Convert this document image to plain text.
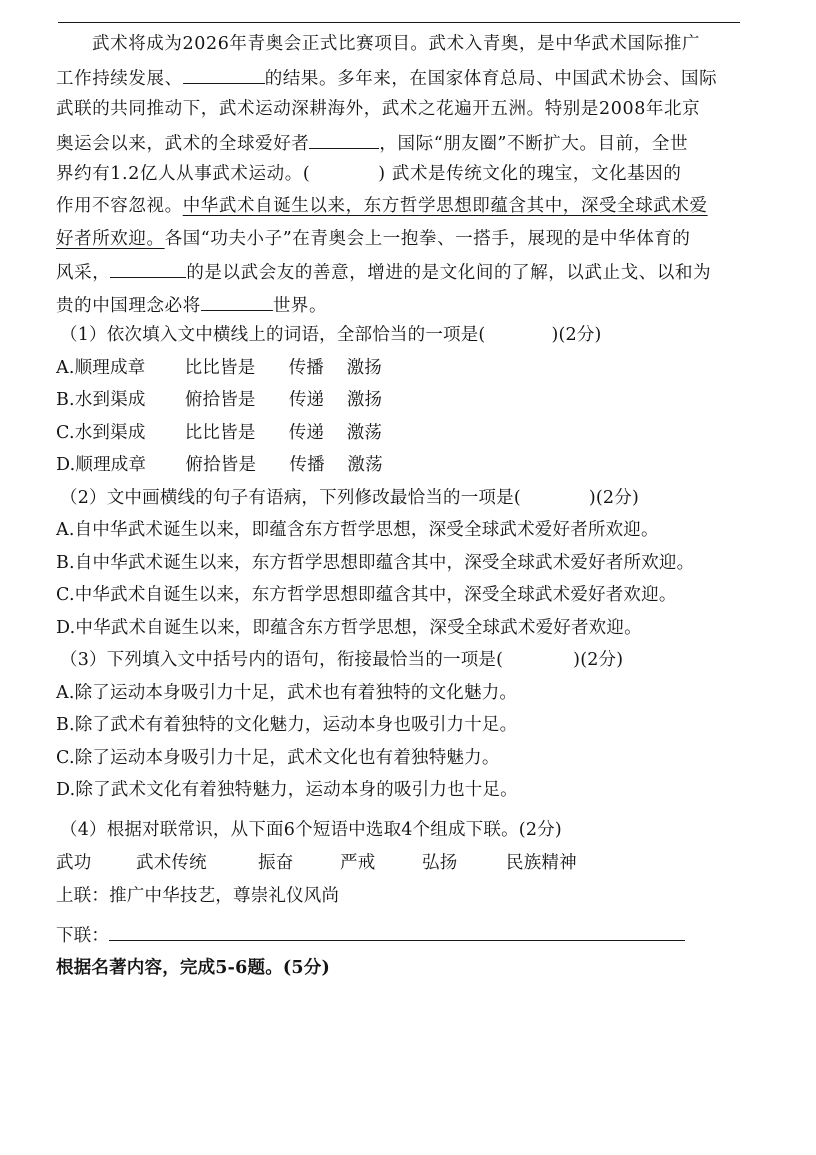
武术将成为2026年青奥会正式比赛项目。武术入青奥，是中华武术国际推广
工作持续发展、	的结果。多年来，在国家体育总局、中国武术协会、国际
武联的共同推动下，武术运动深耕海外，武术之花遍开五洲。特别是2008年北京
奥运会以来，武术的全球爱好者	，国际“朋友圈”不断扩大。目前，全世
界约有1.2亿人从事武术运动。(	) 武术是传统文化的瑰宝，文化基因的
作用不容忽视。中华武术自诞生以来，东方哲学思想即蕴含其中，深受全球武术爱
好者所欢迎。各国“功夫小子”在青奥会上一抱拳、一搭手，展现的是中华体育的
风采，	的是以武会友的善意，增进的是文化间的了解，以武止戈、以和为
贵的中国理念必将	世界。
（1）依次填入文中横线上的词语，全部恰当的一项是(	)(2分)
A.顺理成章 比比皆是 传播 激扬
B.水到渠成 俯拾皆是 传递 激扬
C.水到渠成 比比皆是 传递 激荡
D.顺理成章 俯拾皆是 传播 激荡
（2）文中画横线的句子有语病，下列修改最恰当的一项是(	)(2分)
A.自中华武术诞生以来，即蕴含东方哲学思想，深受全球武术爱好者所欢迎。
B.自中华武术诞生以来，东方哲学思想即蕴含其中，深受全球武术爱好者所欢迎。
C.中华武术自诞生以来，东方哲学思想即蕴含其中，深受全球武术爱好者欢迎。
D.中华武术自诞生以来，即蕴含东方哲学思想，深受全球武术爱好者欢迎。
（3）下列填入文中括号内的语句，衔接最恰当的一项是(	)(2分)
A.除了运动本身吸引力十足，武术也有着独特的文化魅力。
B.除了武术有着独特的文化魅力，运动本身也吸引力十足。
C.除了运动本身吸引力十足，武术文化也有着独特魅力。
D.除了武术文化有着独特魅力，运动本身的吸引力也十足。
（4）根据对联常识，从下面6个短语中选取4个组成下联。(2分)
武功	武术传统	振奋	严戒	弘扬	民族精神
上联：推广中华技艺，尊崇礼仪风尚
下联：
根据名著内容，完成5-6题。(5分)
